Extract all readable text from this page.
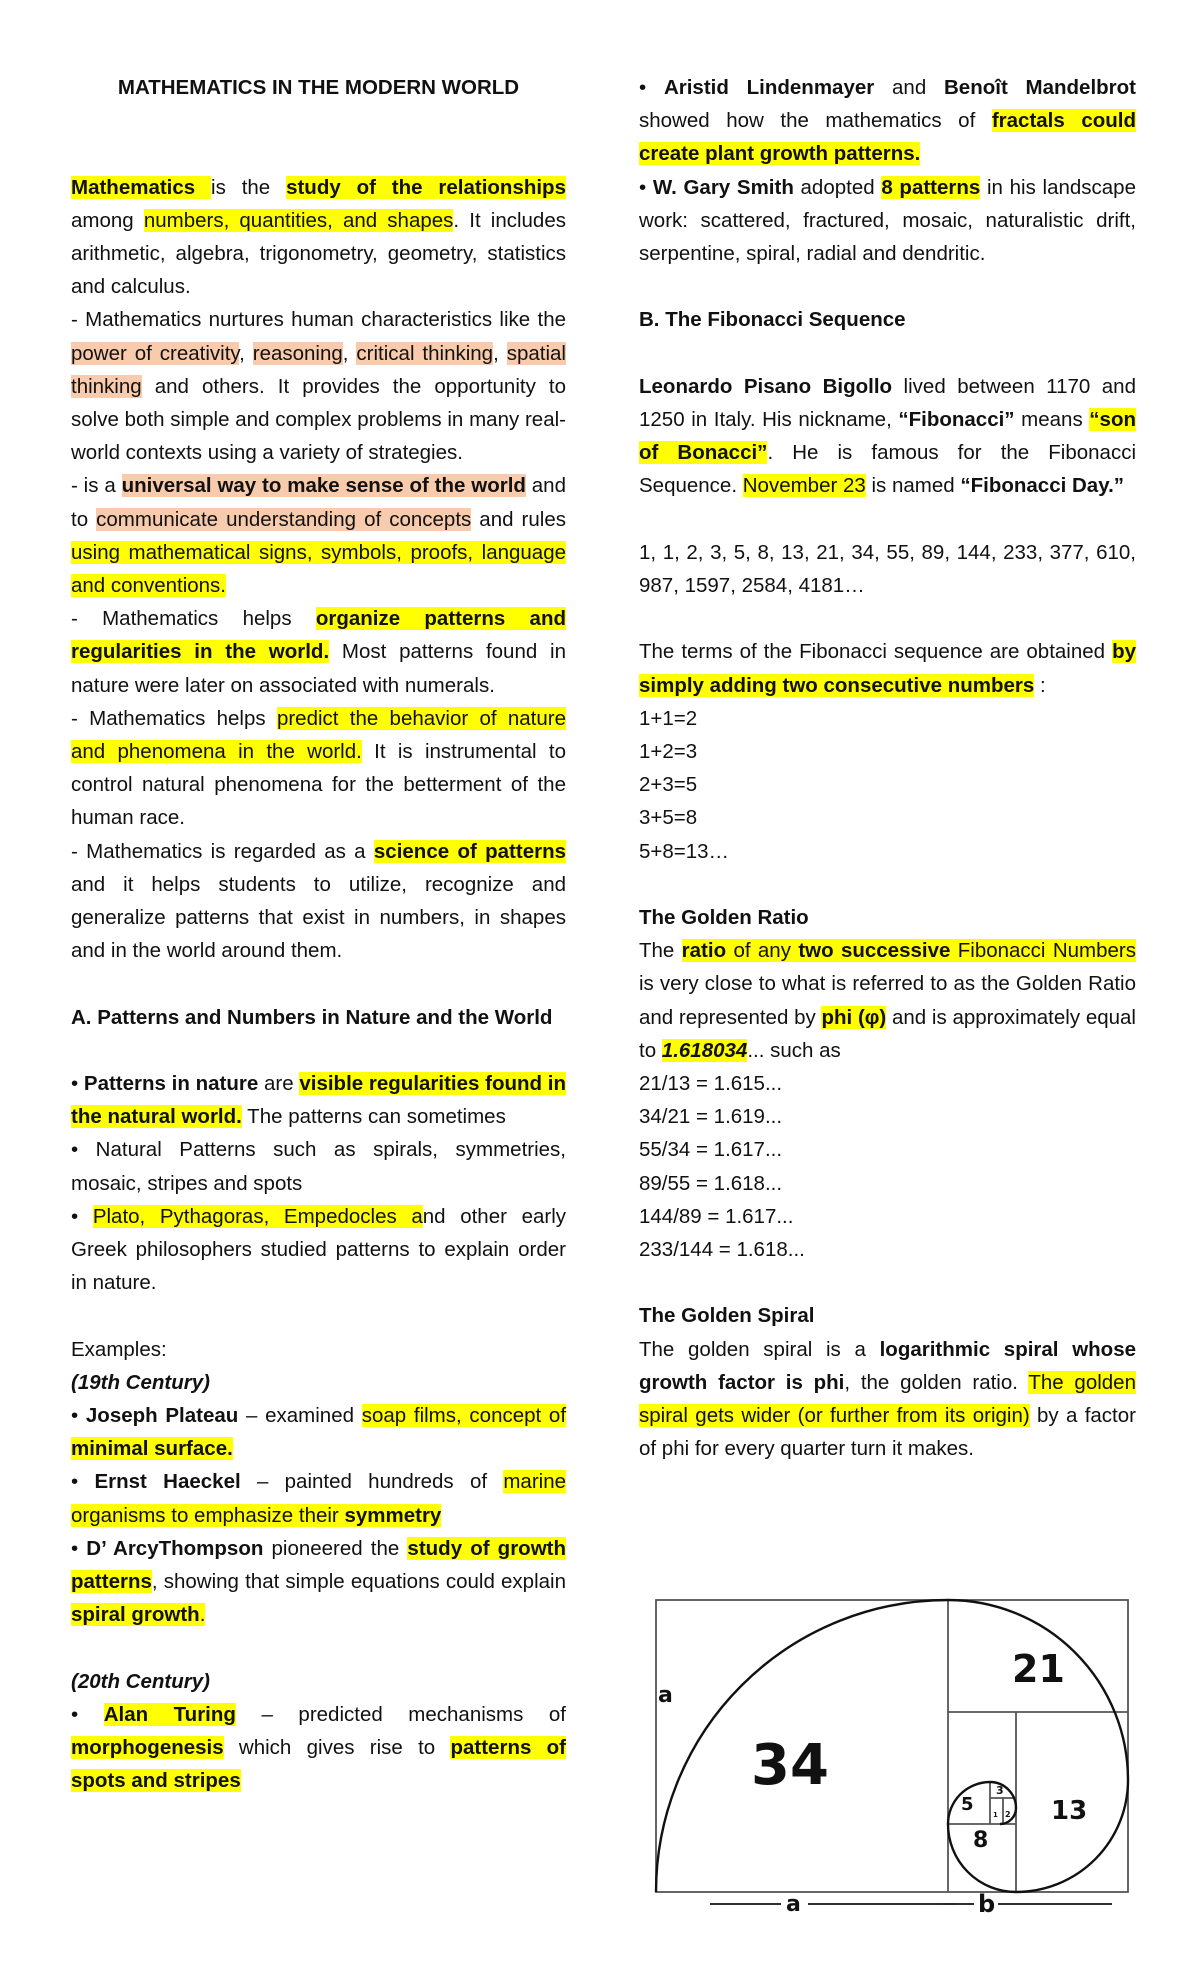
MATHEMATICS IN THE MODERN WORLD

Mathematics is the study of the relationships among numbers, quantities, and shapes. It includes arithmetic, algebra, trigonometry, geometry, statistics and calculus.

- Mathematics nurtures human characteristics like the power of creativity, reasoning, critical thinking, spatial thinking and others. It provides the opportunity to solve both simple and complex problems in many real-world contexts using a variety of strategies.

- is a universal way to make sense of the world and to communicate understanding of concepts and rules using mathematical signs, symbols, proofs, language and conventions.

- Mathematics helps organize patterns and regularities in the world. Most patterns found in nature were later on associated with numerals.

- Mathematics helps predict the behavior of nature and phenomena in the world. It is instrumental to control natural phenomena for the betterment of the human race.

- Mathematics is regarded as a science of patterns and it helps students to utilize, recognize and generalize patterns that exist in numbers, in shapes and in the world around them.

A. Patterns and Numbers in Nature and the World

• Patterns in nature are visible regularities found in the natural world. The patterns can sometimes

• Natural Patterns such as spirals, symmetries, mosaic, stripes and spots

• Plato, Pythagoras, Empedocles and other early Greek philosophers studied patterns to explain order in nature.

Examples:

(19th Century)

• Joseph Plateau – examined soap films, concept of minimal surface.

• Ernst Haeckel – painted hundreds of marine organisms to emphasize their symmetry

• D’ ArcyThompson pioneered the study of growth patterns, showing that simple equations could explain spiral growth.

(20th Century)

• Alan Turing – predicted mechanisms of morphogenesis which gives rise to patterns of spots and stripes

• Aristid Lindenmayer and Benoît Mandelbrot showed how the mathematics of fractals could create plant growth patterns.

• W. Gary Smith adopted 8 patterns in his landscape work: scattered, fractured, mosaic, naturalistic drift, serpentine, spiral, radial and dendritic.

B. The Fibonacci Sequence

Leonardo Pisano Bigollo lived between 1170 and 1250 in Italy. His nickname, “Fibonacci” means “son of Bonacci”. He is famous for the Fibonacci Sequence. November 23 is named “Fibonacci Day.”

1, 1, 2, 3, 5, 8, 13, 21, 34, 55, 89, 144, 233, 377, 610, 987, 1597, 2584, 4181…

The terms of the Fibonacci sequence are obtained by simply adding two consecutive numbers :

1+1=2

1+2=3

2+3=5

3+5=8

5+8=13…

The Golden Ratio

The ratio of any two successive Fibonacci Numbers is very close to what is referred to as the Golden Ratio and represented by phi (φ) and is approximately equal to 1.618034... such as

21/13 = 1.615...

34/21 = 1.619...

55/34 = 1.617...

89/55 = 1.618...

144/89 = 1.617...

233/144 = 1.618...

The Golden Spiral

The golden spiral is a logarithmic spiral whose growth factor is phi, the golden ratio. The golden spiral gets wider (or further from its origin) by a factor of phi for every quarter turn it makes.

34
21
13
8
5
3
2
1
a
a	b
